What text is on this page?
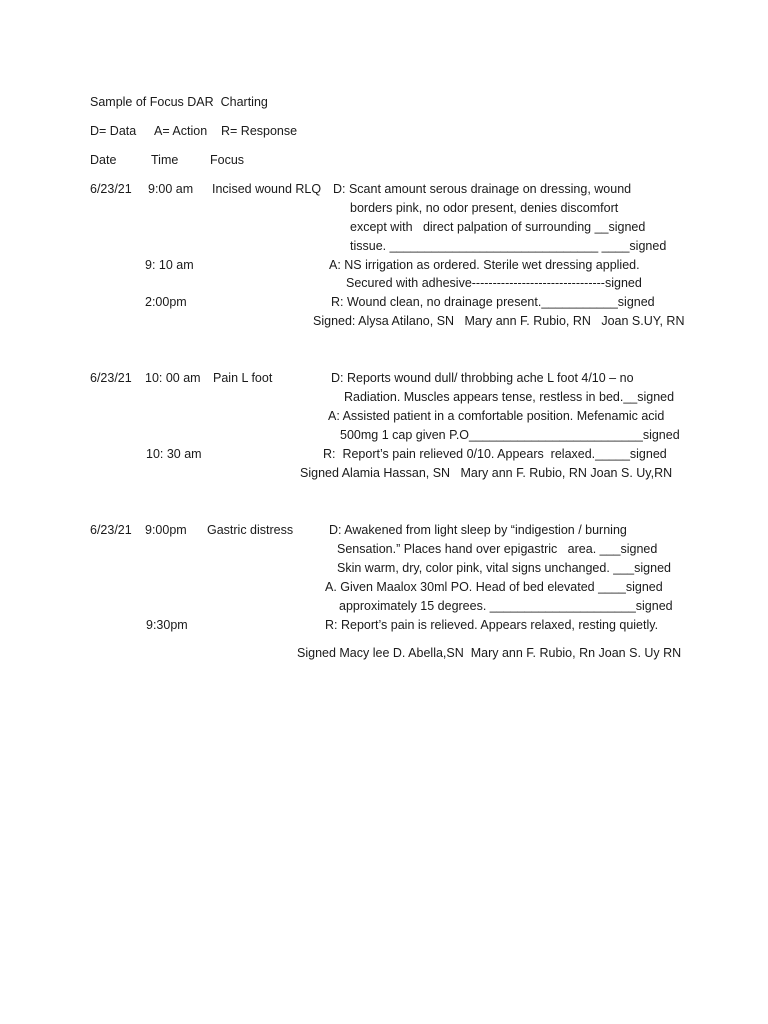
Sample of Focus DAR  Charting
D= Data A= Action R= Response
Date	Time	Focus
6/23/21 9:00 am Incised wound RLQ D: Scant amount serous drainage on dressing, wound
borders pink, no odor present, denies discomfort
except with   direct palpation of surrounding __signed
tissue. ______________________________ ____signed
9: 10 am	A: NS irrigation as ordered. Sterile wet dressing applied.
Secured with adhesive--------------------------------signed
2:00pm	R: Wound clean, no drainage present.___________signed
Signed: Alysa Atilano, SN   Mary ann F. Rubio, RN   Joan S.UY, RN
6/23/21 10: 00 am Pain L foot	D: Reports wound dull/ throbbing ache L foot 4/10 – no
Radiation. Muscles appears tense, restless in bed.__signed
A: Assisted patient in a comfortable position. Mefenamic acid
500mg 1 cap given P.O_________________________signed
10: 30 am	R:  Report’s pain relieved 0/10. Appears  relaxed._____signed
Signed Alamia Hassan, SN   Mary ann F. Rubio, RN Joan S. Uy,RN
6/23/21 9:00pm Gastric distress	D: Awakened from light sleep by “indigestion / burning
Sensation.” Places hand over epigastric   area. ___signed
Skin warm, dry, color pink, vital signs unchanged. ___signed
A. Given Maalox 30ml PO. Head of bed elevated ____signed
approximately 15 degrees. _____________________signed
9:30pm	R: Report’s pain is relieved. Appears relaxed, resting quietly.
Signed Macy lee D. Abella,SN  Mary ann F. Rubio, Rn Joan S. Uy RN
